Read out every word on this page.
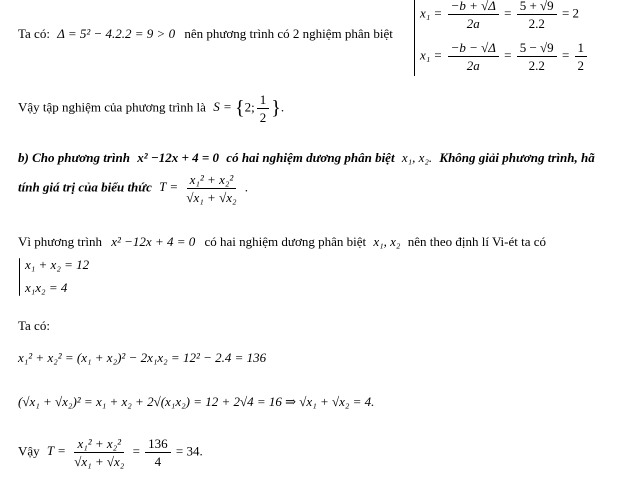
Ta có: Δ = 5² − 4.2.2 = 9 > 0 nên phương trình có 2 nghiệm phân biệt
$x_1 = \frac{-b + √\Delta}{2a} = \frac{5 + √9}{2.2} = 2$
$x_1 = \frac{-b - √\Delta}{2a} = \frac{5 - √9}{2.2} = \frac{1}{2}$
Vậy tập nghiệm của phương trình là S = {2; $\frac{1}{2}$ }.
b) Cho phương trình x² −12x + 4 = 0 có hai nghiệm dương phân biệt x₁, x₂. Không giải phương trình, hã
tính giá trị của biểu thức $T = \frac{\text{x₁² + x₂²}}{\text{√x₁ + √x₂}}$ .
Vì phương trình x² −12x + 4 = 0 có hai nghiệm dương phân biệt x₁, x₂ nên theo định lí Vi-ét ta có
x₁ + x₂ = 12
x₁x₂ = 4
Ta có:
x₁² + x₂² = (x₁ + x₂)² − 2x₁x₂ = 12² − 2.4 = 136
(√x₁ + √x₂)² = x₁ + x₂ + 2√(x₁x₂) = 12 + 2√4 = 16 ⇒ √x₁ + √x₂ = 4.
Vậy $T = \frac{\text{x₁² + x₂²}}{\text{√x₁ + √x₂}} = \frac{136}{4} = 34$.
